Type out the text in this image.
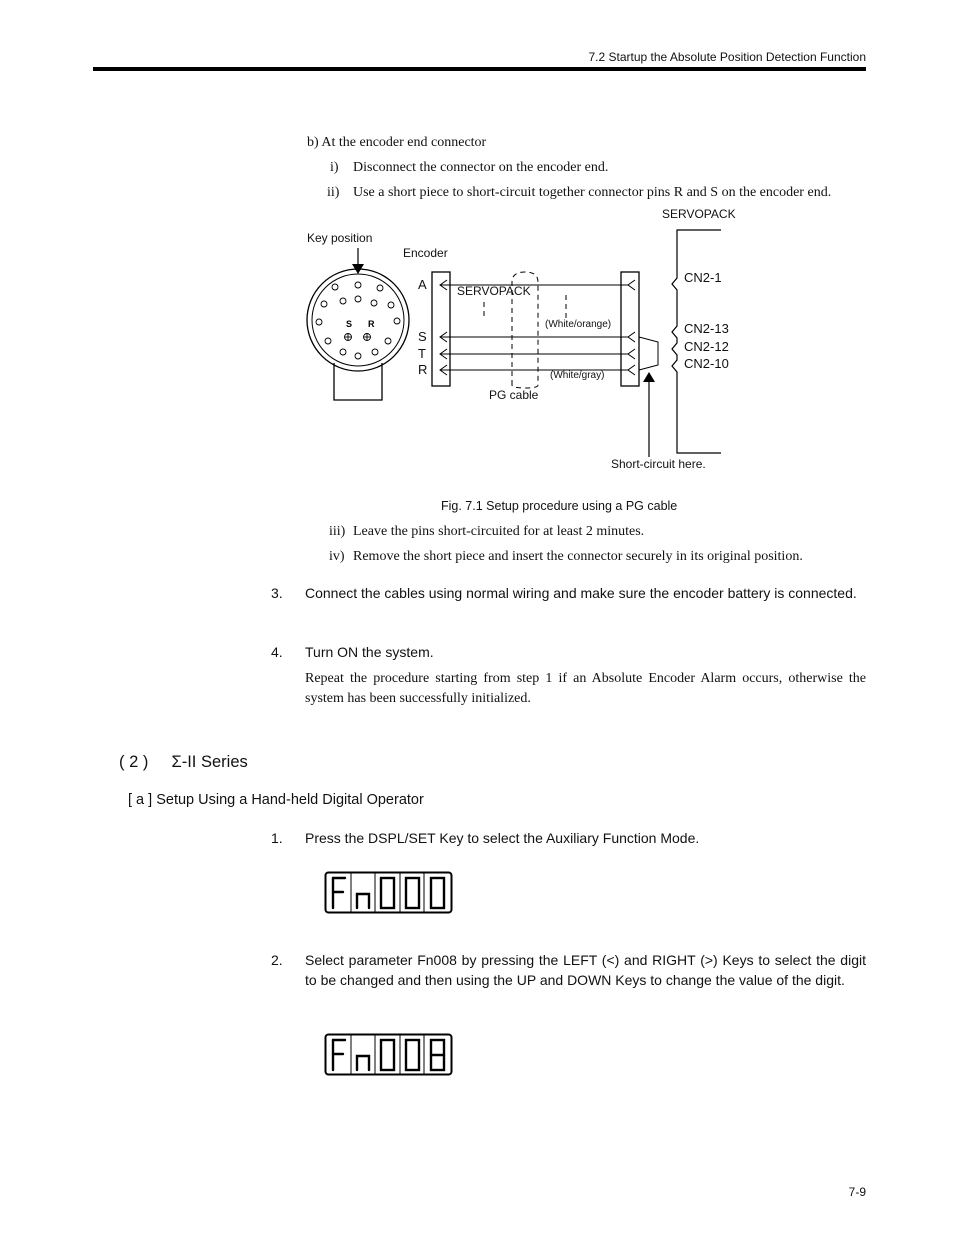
7.2 Startup the Absolute Position Detection Function
b) At the encoder end connector
i) Disconnect the connector on the encoder end.
ii) Use a short piece to short-circuit together connector pins R and S on the encoder end.
SERVOPACK
Key position
Encoder
A	SERVOPACK
S
T
R
(White/orange)
(White/gray)
PG cable
CN2-1
CN2-13
CN2-12
CN2-10
Short-circuit here.
S R
Fig. 7.1 Setup procedure using a PG cable
iii) Leave the pins short-circuited for at least 2 minutes.
iv) Remove the short piece and insert the connector securely in its original position.
3. Connect the cables using normal wiring and make sure the encoder battery is connected.
4. Turn ON the system.
Repeat the procedure starting from step 1 if an Absolute Encoder Alarm occurs, otherwise the system has been successfully initialized.
( 2 ) Σ-II Series
[ a ] Setup Using a Hand-held Digital Operator
1. Press the DSPL/SET Key to select the Auxiliary Function Mode.
2. Select parameter Fn008 by pressing the LEFT (<) and RIGHT (>) Keys to select the digit to be changed and then using the UP and DOWN Keys to change the value of the digit.
7-9
